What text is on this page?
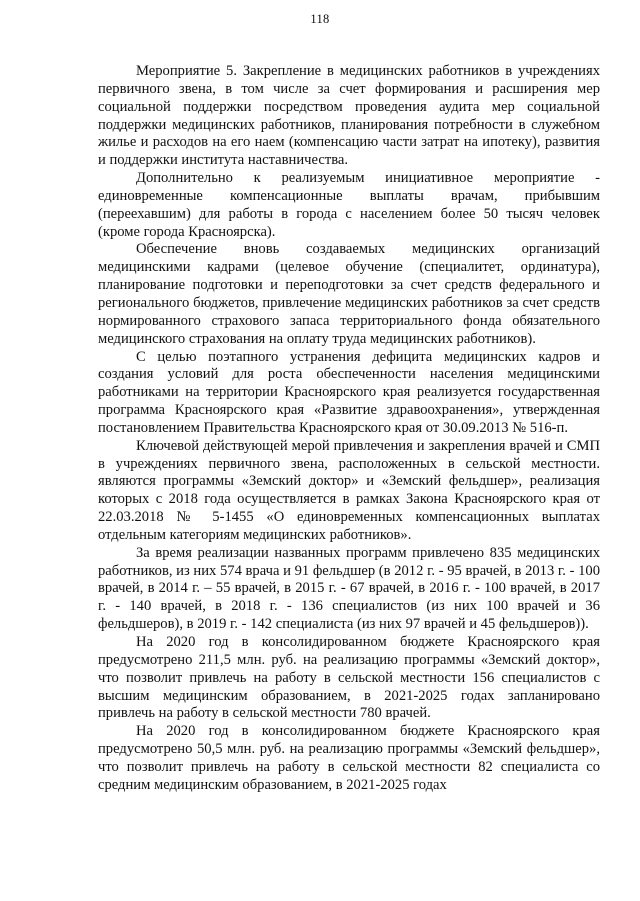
118

Мероприятие 5. Закрепление в медицинских работников в учреждениях первичного звена, в том числе за счет формирования и расширения мер социальной поддержки посредством проведения аудита мер социальной поддержки медицинских работников, планирования потребности в служебном жилье и расходов на его наем (компенсацию части затрат на ипотеку), развития и поддержки института наставничества.

Дополнительно к реализуемым инициативное мероприятие - единовременные компенсационные выплаты врачам, прибывшим (переехавшим) для работы в города с населением более 50 тысяч человек (кроме города Красноярска).

Обеспечение вновь создаваемых медицинских организаций медицинскими кадрами (целевое обучение (специалитет, ординатура), планирование подготовки и переподготовки за счет средств федерального и регионального бюджетов, привлечение медицинских работников за счет средств нормированного страхового запаса территориального фонда обязательного медицинского страхования на оплату труда медицинских работников).

С целью поэтапного устранения дефицита медицинских кадров и создания условий для роста обеспеченности населения медицинскими работниками на территории Красноярского края реализуется государственная программа Красноярского края «Развитие здравоохранения», утвержденная постановлением Правительства Красноярского края от 30.09.2013 № 516-п.

Ключевой действующей мерой привлечения и закрепления врачей и СМП в учреждениях первичного звена, расположенных в сельской местности. являются программы «Земский доктор» и «Земский фельдшер», реализация которых с 2018 года осуществляется в рамках Закона Красноярского края от 22.03.2018 № 5-1455 «О единовременных компенсационных выплатах отдельным категориям медицинских работников».

За время реализации названных программ привлечено 835 медицинских работников, из них 574 врача и 91 фельдшер (в 2012 г. - 95 врачей, в 2013 г. - 100 врачей, в 2014 г. – 55 врачей, в 2015 г. - 67 врачей, в 2016 г. - 100 врачей, в 2017 г. - 140 врачей, в 2018 г. - 136 специалистов (из них 100 врачей и 36 фельдшеров), в 2019 г. - 142 специалиста (из них 97 врачей и 45 фельдшеров)).

На 2020 год в консолидированном бюджете Красноярского края предусмотрено 211,5 млн. руб. на реализацию программы «Земский доктор», что позволит привлечь на работу в сельской местности 156 специалистов с высшим медицинским образованием, в 2021-2025 годах запланировано привлечь на работу в сельской местности 780 врачей.

На 2020 год в консолидированном бюджете Красноярского края предусмотрено 50,5 млн. руб. на реализацию программы «Земский фельдшер», что позволит привлечь на работу в сельской местности 82 специалиста со средним медицинским образованием, в 2021-2025 годах
